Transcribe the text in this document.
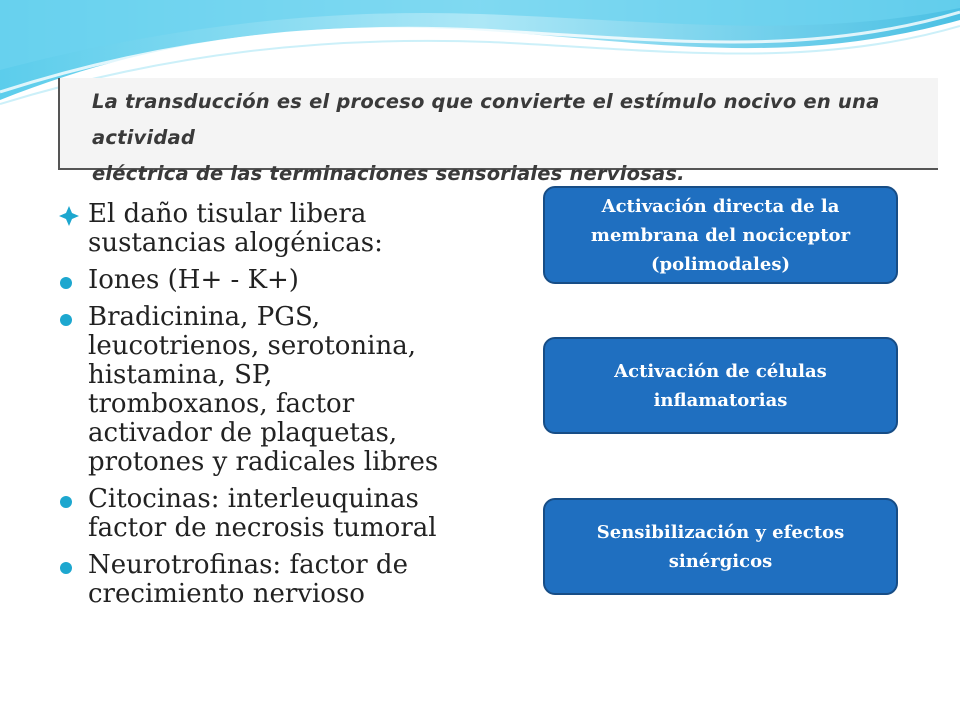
La transducción es el proceso que convierte el estímulo nocivo en una actividad

eléctrica de las terminaciones sensoriales nerviosas.

El daño tisular libera
sustancias alogénicas:
Iones (H+ - K+)
Bradicinina, PGS,
leucotrienos, serotonina,
histamina, SP,
tromboxanos, factor
activador de plaquetas,
protones y radicales libres
Citocinas: interleuquinas
factor de necrosis tumoral
Neurotrofinas: factor de
crecimiento nervioso
Activación directa de la
membrana del nociceptor
(polimodales)
Activación de células
inflamatorias
Sensibilización y efectos
sinérgicos
